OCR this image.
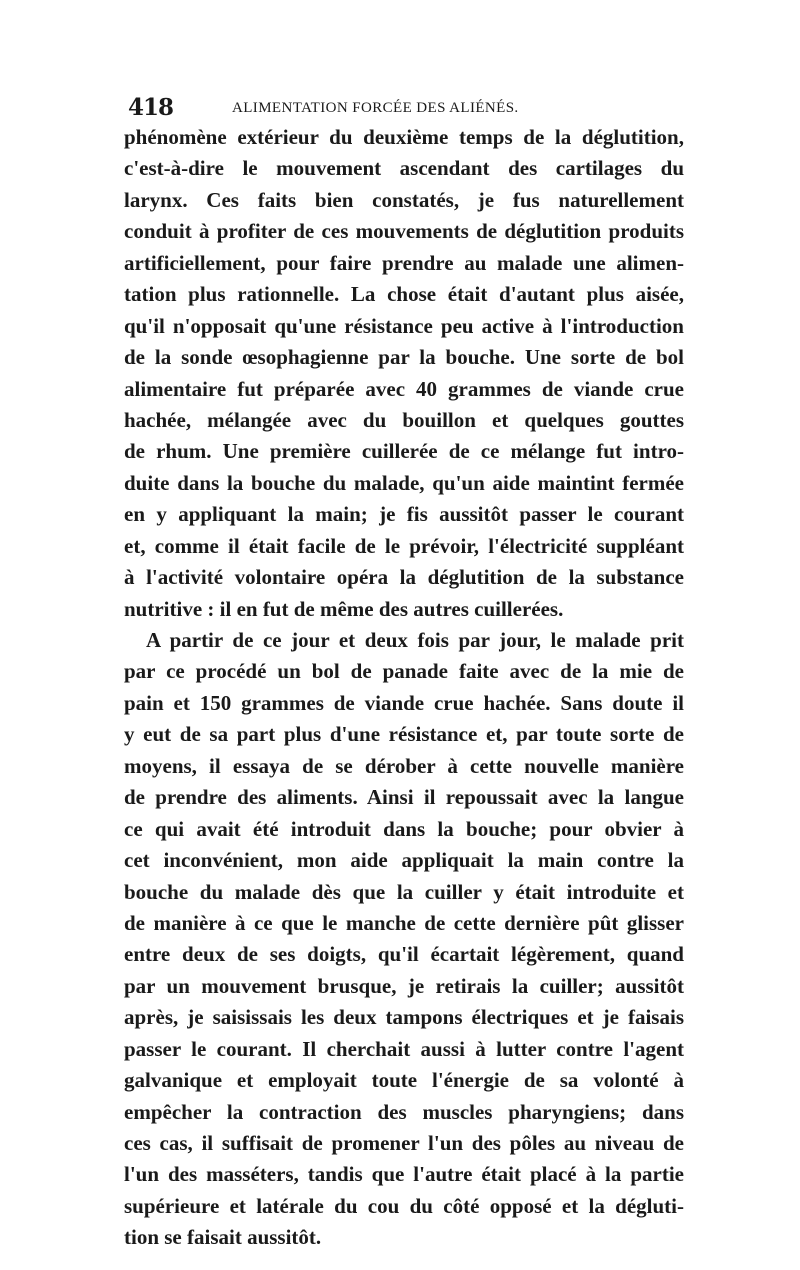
418	ALIMENTATION FORCÉE DES ALIÉNÉS.
phénomène extérieur du deuxième temps de la déglutition,
c'est-à-dire le mouvement ascendant des cartilages du
larynx. Ces faits bien constatés, je fus naturellement
conduit à profiter de ces mouvements de déglutition produits
artificiellement, pour faire prendre au malade une alimen-
tation plus rationnelle. La chose était d'autant plus aisée,
qu'il n'opposait qu'une résistance peu active à l'introduction
de la sonde œsophagienne par la bouche. Une sorte de bol
alimentaire fut préparée avec 40 grammes de viande crue
hachée, mélangée avec du bouillon et quelques gouttes
de rhum. Une première cuillerée de ce mélange fut intro-
duite dans la bouche du malade, qu'un aide maintint fermée
en y appliquant la main; je fis aussitôt passer le courant
et, comme il était facile de le prévoir, l'électricité suppléant
à l'activité volontaire opéra la déglutition de la substance
nutritive : il en fut de même des autres cuillerées.
A partir de ce jour et deux fois par jour, le malade prit
par ce procédé un bol de panade faite avec de la mie de
pain et 150 grammes de viande crue hachée. Sans doute il
y eut de sa part plus d'une résistance et, par toute sorte de
moyens, il essaya de se dérober à cette nouvelle manière
de prendre des aliments. Ainsi il repoussait avec la langue
ce qui avait été introduit dans la bouche; pour obvier à
cet inconvénient, mon aide appliquait la main contre la
bouche du malade dès que la cuiller y était introduite et
de manière à ce que le manche de cette dernière pût glisser
entre deux de ses doigts, qu'il écartait légèrement, quand
par un mouvement brusque, je retirais la cuiller; aussitôt
après, je saisissais les deux tampons électriques et je faisais
passer le courant. Il cherchait aussi à lutter contre l'agent
galvanique et employait toute l'énergie de sa volonté à
empêcher la contraction des muscles pharyngiens; dans
ces cas, il suffisait de promener l'un des pôles au niveau de
l'un des masséters, tandis que l'autre était placé à la partie
supérieure et latérale du cou du côté opposé et la dégluti-
tion se faisait aussitôt.
